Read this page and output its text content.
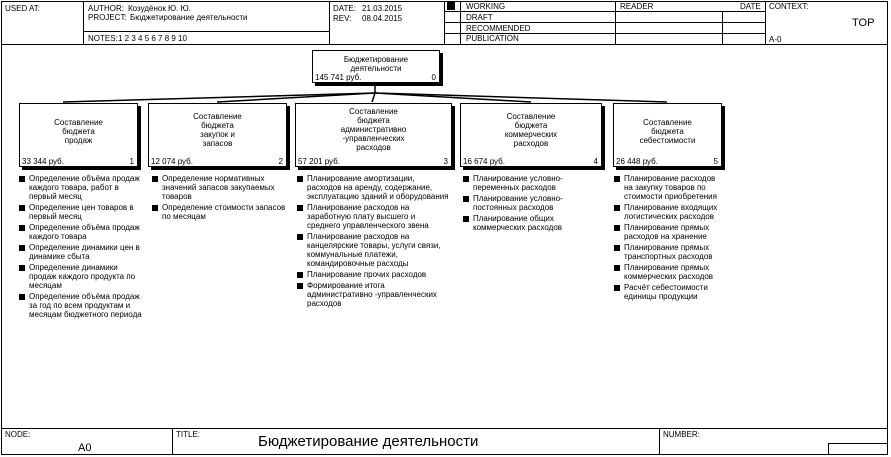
USED AT:	AUTHOR: Козудёнок Ю. Ю.
PROJECT: Бюджетирование деятельности
NOTES: 1 2 3 4 5 6 7 8 9 10
DATE: 21.03.2015
REV: 08.04.2015
WORKING
DRAFT
RECOMMENDED
PUBLICATION
READER	DATE CONTEXT:
TOP
A-0
Бюджетирование
деятельности
145 741 руб.	0
Составление
бюджета
продаж
33 344 руб.	1
Составление
бюджета
закупок и
запасов
12 074 руб.	2
Составление
бюджета
административно
-управленческих
расходов
57 201 руб.	3
Составление
бюджета
коммерческих
расходов
16 674 руб.	4
Составление
бюджета
себестоимости
26 448 руб.	5
Определение объёма продаж каждого товара, работ в первый месяц
Определение цен товаров в первый месяц
Определение объёма продаж каждого товара
Определение динамики цен в динамике сбыта
Определение динамики продаж каждого продукта по месяцам
Определение объёма продаж за год по всем продуктам и месяцам бюджетного периода
Определение нормативных значений запасов закупаемых товаров
Определение стоимости запасов по месяцам
Планирование амортизации, расходов на аренду, содержание, эксплуатацию зданий и оборудования
Планирование расходов на заработную плату высшего и среднего управленческого звена
Планирование расходов на канцелярские товары, услуги связи, коммунальные платежи, командировочные расходы
Планирование прочих расходов
Формирование итога административно -управленческих расходов
Планирование условно-переменных расходов
Планирование условно-постоянных расходов
Планирование общих коммерческих расходов
Планирование расходов на закупку товаров по стоимости приобретения
Планирование входящих логистических расходов
Планирование прямых расходов на хранение
Планирование прямых транспортных расходов
Планирование прямых коммерческих расходов
Расчёт себестоимости единицы продукции
NODE:
A0
TITLE:	Бюджетирование деятельности	NUMBER:
